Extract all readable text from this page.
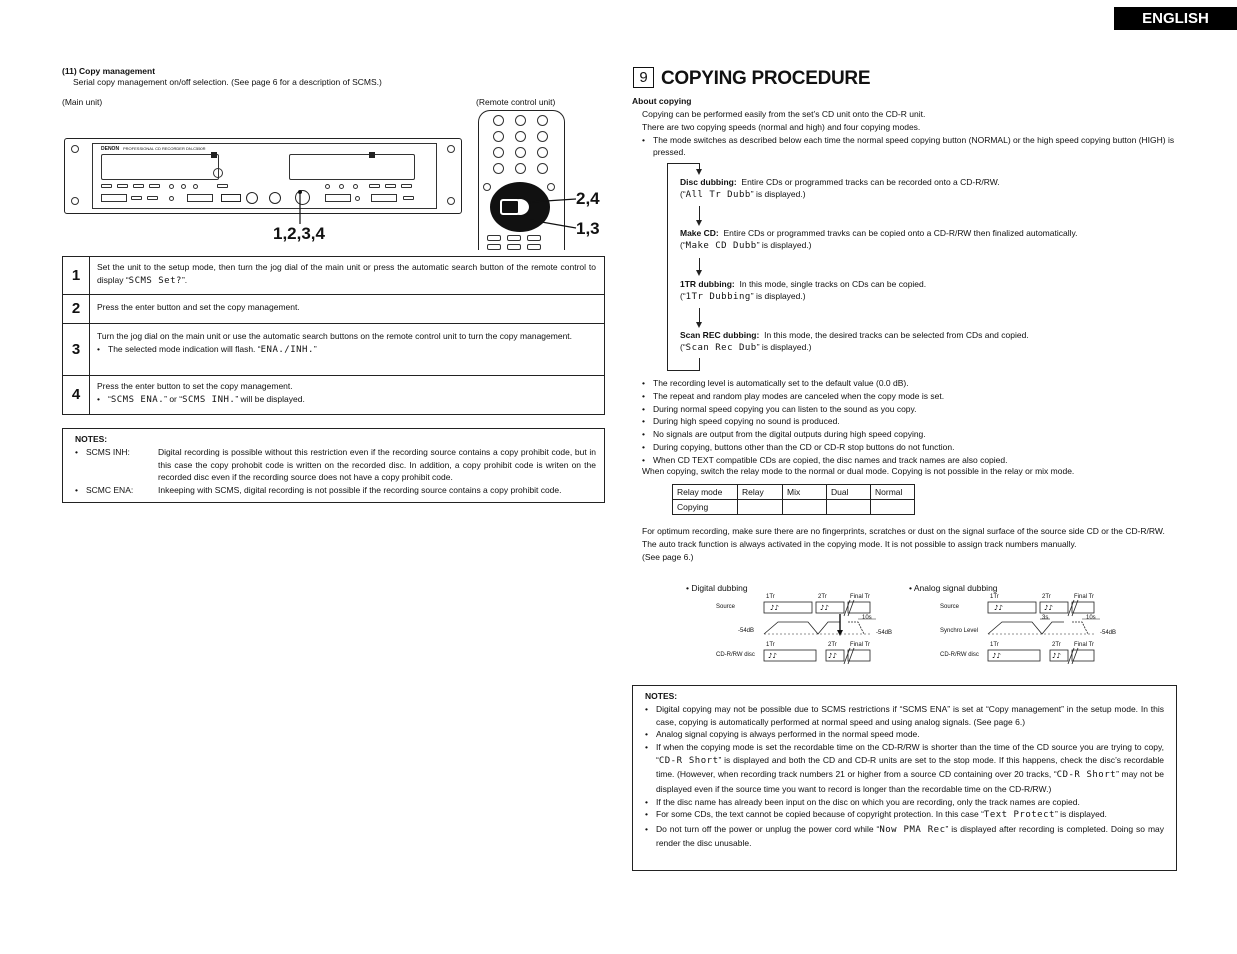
ENGLISH
(11) Copy management
Serial copy management on/off selection. (See page 6 for a description of SCMS.)
(Main unit)	(Remote control unit)
DENON PROFESSIONAL CD RECORDER DN-C550R
1,2,3,4
2,4
1,3
1	Set the unit to the setup mode, then turn the jog dial of the main unit or press the automatic search button of the remote control to display “SCMS Set?”.
2	Press the enter button and set the copy management.
3
Turn the jog dial on the main unit or use the automatic search buttons on the remote control unit to turn the copy management.
• The selected mode indication will flash. “ENA./INH.”
4
Press the enter button to set the copy management.
• “SCMS ENA.” or “SCMS INH.” will be displayed.
NOTES:
• SCMS INH:	Digital recording is possible without this restriction even if the recording source contains a copy prohibit code, but in this case the copy prohobit code is written on the recorded disc. In addition, a copy prohibit code is writen on the recorded disc even if the recording source does not have a copy prohibit code.
• SCMC ENA:	Inkeeping with SCMS, digital recording is not possible if the recording source contains a copy prohibit code.
9 COPYING PROCEDURE
About copying
Copying can be performed easily from the set’s CD unit onto the CD-R unit.
There are two copying speeds (normal and high) and four copying modes.
• The mode switches as described below each time the normal speed copying button (NORMAL) or the high speed copying button (HIGH) is pressed.
Disc dubbing: Entire CDs or programmed tracks can be recorded onto a CD-R/RW.
(“All Tr Dubb” is displayed.)
Make CD: Entire CDs or programmed travks can be copied onto a CD-R/RW then finalized automatically.
(“Make CD Dubb” is displayed.)
1TR dubbing: In this mode, single tracks on CDs can be copied.
(“1Tr Dubbing” is displayed.)
Scan REC dubbing: In this mode, the desired tracks can be selected from CDs and copied.
(“Scan Rec Dub” is displayed.)
• The recording level is automatically set to the default value (0.0 dB).
• The repeat and random play modes are canceled when the copy mode is set.
• During normal speed copying you can listen to the sound as you copy.
• During high speed copying no sound is produced.
• No signals are output from the digital outputs during high speed copying.
• During copying, buttons other than the CD or CD-R stop buttons do not function.
• When CD TEXT compatible CDs are copied, the disc names and track names are also copied.
When copying, switch the relay mode to the normal or dual mode. Copying is not possible in the relay or mix mode.
Relay mode	Relay	Mix	Dual	Normal
Copying				
For optimum recording, make sure there are no fingerprints, scratches or dust on the signal surface of the source side CD or the CD-R/RW.
The auto track function is always activated in the copying mode. It is not possible to assign track numbers manually.
(See page 6.)
• Digital dubbing	• Analog signal dubbing
♪♪	♪♪
♪♪	♪♪
Source
-54dB	-54dB
CD-R/RW disc
1Tr	2Tr	Final Tr
10s
1Tr	2Tr Final Tr
♪♪	♪♪
♪♪	♪♪
Source
Synchro Level	-54dB
CD-R/RW disc
1Tr	2Tr	Final Tr
3s	10s
1Tr	2Tr Final Tr
NOTES:
• Digital copying may not be possible due to SCMS restrictions if “SCMS ENA” is set at “Copy management” in the setup mode. In this case, copying is automatically performed at normal speed and using analog signals. (See page 6.)
• Analog signal copying is always performed in the normal speed mode.
• If when the copying mode is set the recordable time on the CD-R/RW is shorter than the time of the CD source you are trying to copy, “CD-R Short” is displayed and both the CD and CD-R units are set to the stop mode. If this happens, check the disc’s recordable time. (However, when recording track numbers 21 or higher from a source CD containing over 20 tracks, “CD-R Short” may not be displayed even if the source time you want to record is longer than the recordable time on the CD-R/RW.)
• If the disc name has already been input on the disc on which you are recording, only the track names are copied.
• For some CDs, the text cannot be copied because of copyright protection. In this case “Text Protect” is displayed.
• Do not turn off the power or unplug the power cord while “Now PMA Rec” is displayed after recording is completed. Doing so may render the disc unusable.
